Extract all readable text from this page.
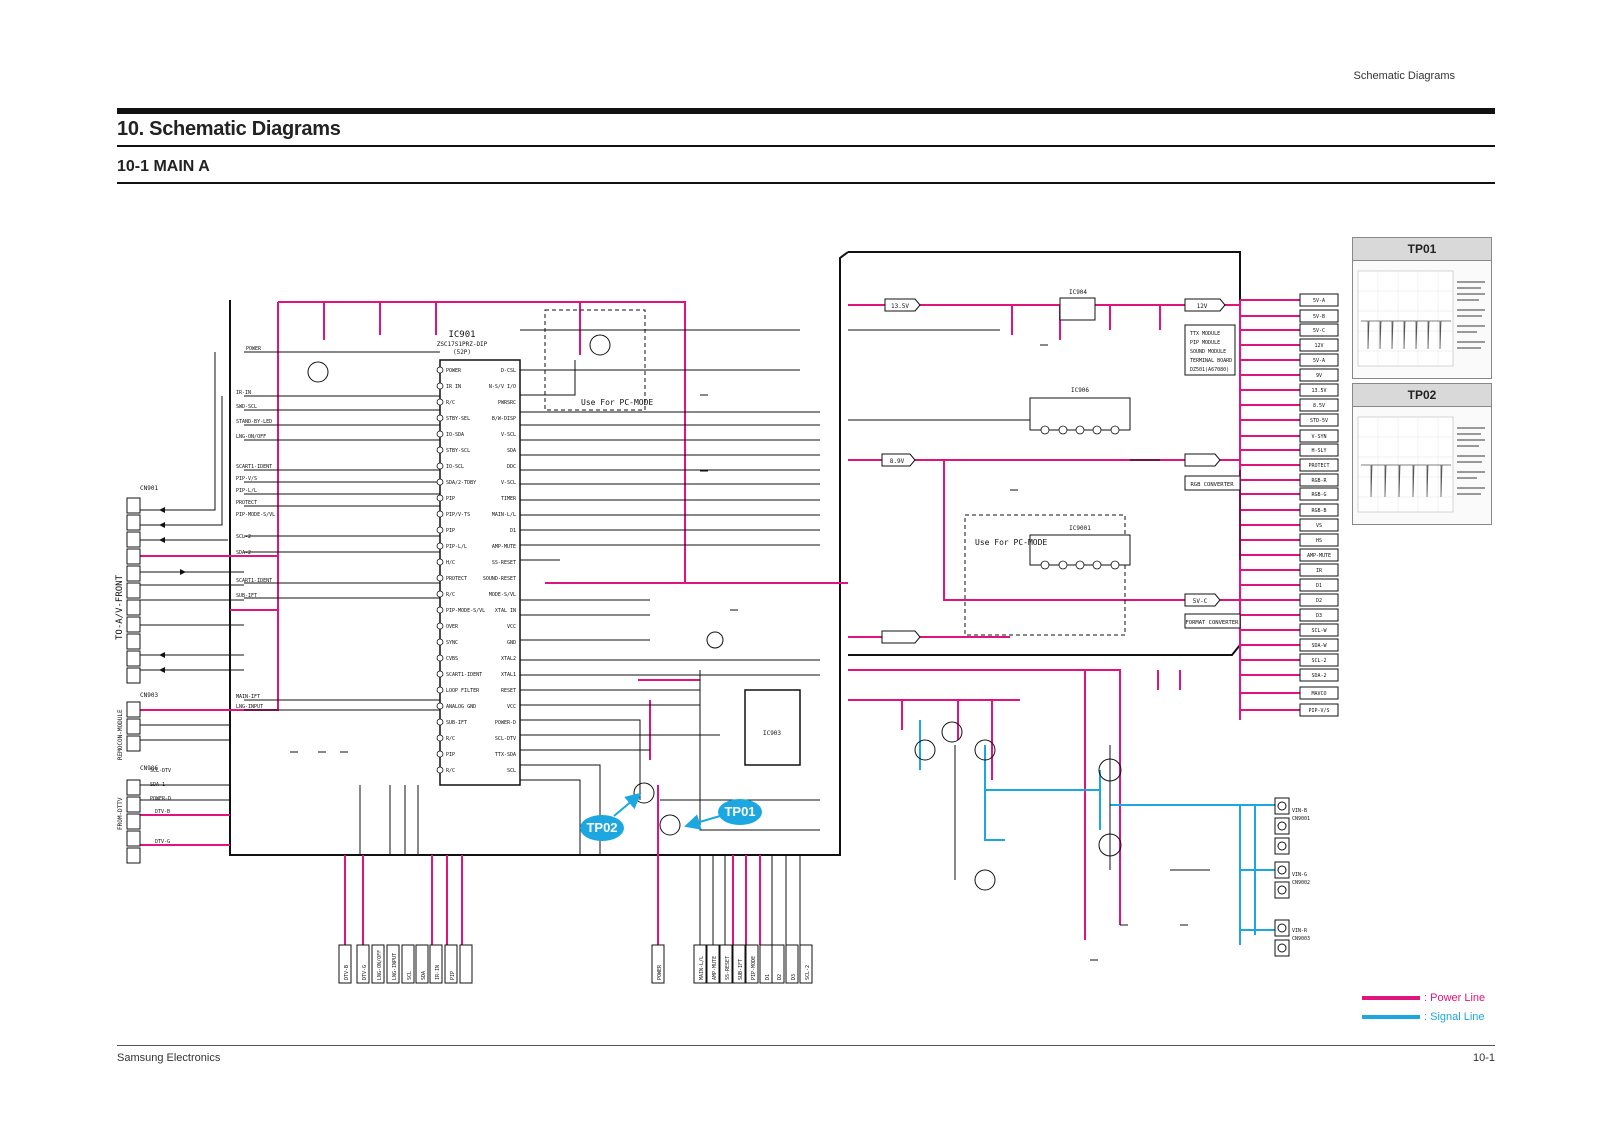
Schematic Diagrams
10. Schematic Diagrams
10-1 MAIN A
IC901
ZSC17S1PRZ-DIP
(52P)
Use For PC-MODE
Use For PC-MODE
IC904
IC906
IC9001
13.5V	12V
8.9V
5V-C
RGB CONVERTER
FORMAT CONVERTER
TTX MODULE
PIP MODULE
SOUND MODULE
TERMINAL BOARD
DZ501(A67080)
IC903
CN901
CN903
CN906
TO-A/V-FRONT
REMOCON-MODULE
FROM-DTTV
POWER
IR IN
R/C
STBY-SEL
IO-SDA
STBY-SCL
IO-SCL
SDA/2-TDBY
PIP
PIP/V-TS
PIP
PIP-L/L
H/C
PROTECT
R/C
PIP-MODE-S/VL
OVER
SYNC
CVBS
SCART1-IDENT
LOOP FILTER
ANALOG GND
SUB-IFT
R/C
PIP
R/C
D-CSL
N-S/V I/O
PWRSRC
B/W-DISP
V-SCL
SDA
DDC
V-SCL
TIMER
MAIN-L/L
D1
AMP-MUTE
SS-RESET
SOUND-RESET
MODE-S/VL
XTAL IN
VCC
GND
XTAL2
XTAL1
RESET
VCC
POWER-D
SCL-DTV
TTX-SDA
SCL
POWER
IR-IN
SWD-SCL
STAND-BY-LED
LNG-ON/OFF
SCART1-IDENT
PIP-V/S
PIP-L/L
PROTECT
PIP-MODE-S/VL
SCL-2
SDA-2
SCART1-IDENT
SUB-IFT
MAIN-IFT
LNG-INPUT
SCL-DTV
SDA-1
POWER-D
DTV-B
DTV-G
5V-A
5V-B
5V-C
12V
5V-A
9V
13.5V
8.5V
STD-5V
V-SYN
H-SLY
PROTECT
RGB-R
RGB-G
RGB-B
VS
HS
AMP-MUTE
IR
D1
D2
D3
SCL-W
SDA-W
SCL-2
SDA-2
MAVCO
PIP-V/S
DTV-B DTV-G LNG-ON/OFF LNG-INPUT SCL SDA IR-IN PIP	POWER	MAIN-L/L AMP-MUTE SS-RESET SUB-IFT PIP-MODE D1 D2 D3 SCL-2
VIN-B
CN9001
VIN-G
CN9002
VIN-R
CN9003
TP02
TP01
TP01
TP02
: Power Line
: Signal Line
Samsung Electronics	10-1
